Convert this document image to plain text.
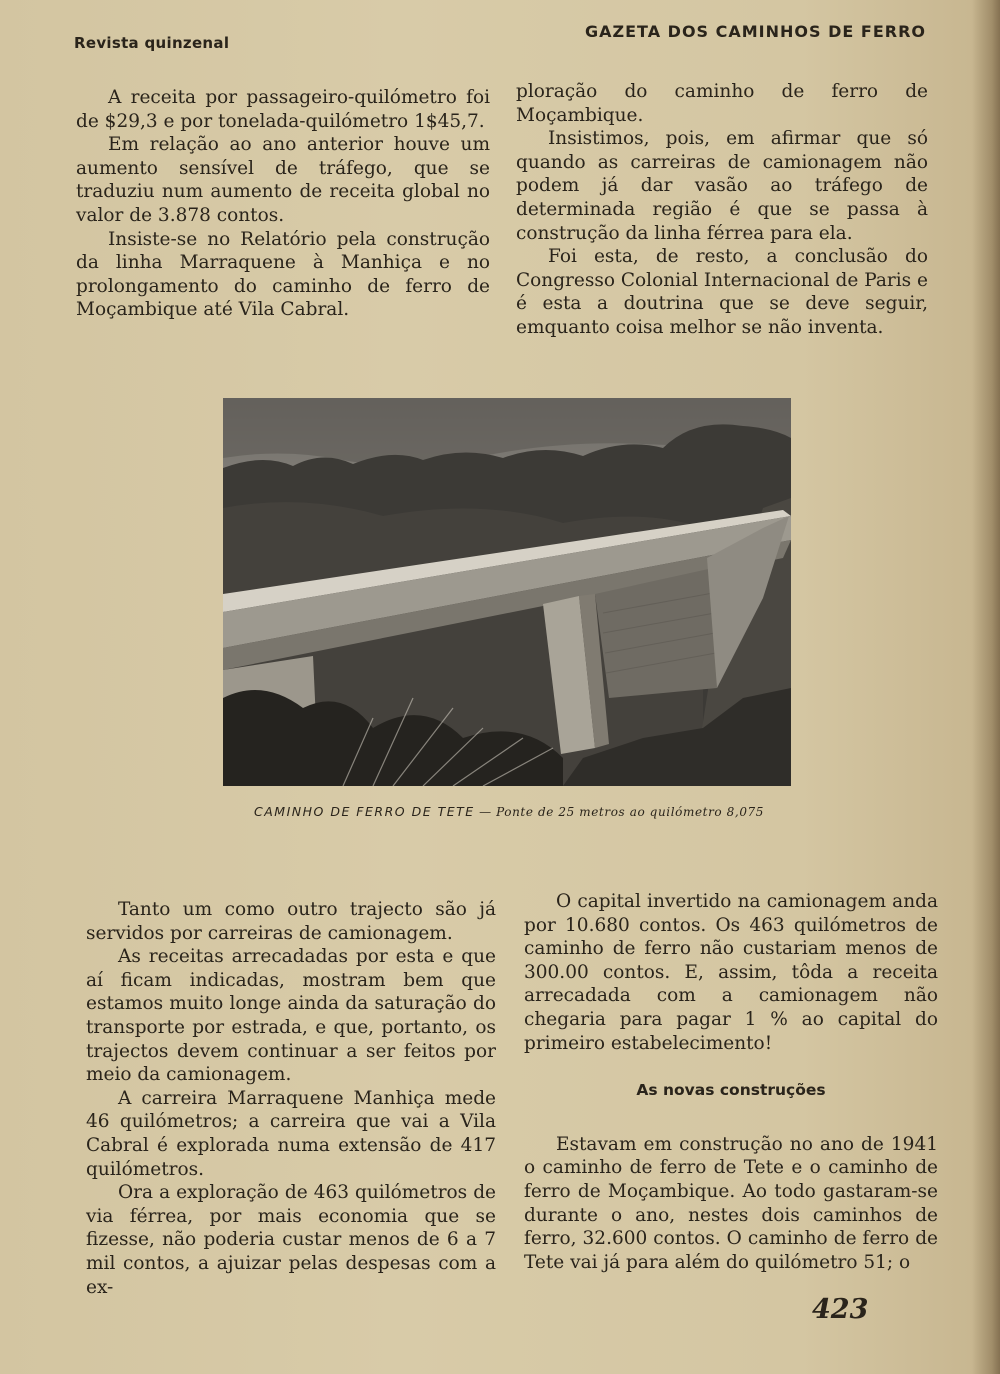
Revista quinzenal
GAZETA DOS CAMINHOS DE FERRO

A receita por passageiro-quilómetro foi de $29,3 e por tonelada-quilómetro 1$45,7.

Em relação ao ano anterior houve um aumento sensível de tráfego, que se traduziu num aumento de receita global no valor de 3.878 contos.

Insiste-se no Relatório pela construção da linha Marraquene à Manhiça e no prolongamento do caminho de ferro de Moçambique até Vila Cabral.

ploração do caminho de ferro de Moçambique.

Insistimos, pois, em afirmar que só quando as carreiras de camionagem não podem já dar vasão ao tráfego de determinada região é que se passa à construção da linha férrea para ela.

Foi esta, de resto, a conclusão do Congresso Colonial Internacional de Paris e é esta a doutrina que se deve seguir, emquanto coisa melhor se não inventa.

CAMINHO DE FERRO DE TETE — Ponte de 25 metros ao quilómetro 8,075

Tanto um como outro trajecto são já servidos por carreiras de camionagem.

As receitas arrecadadas por esta e que aí ficam indicadas, mostram bem que estamos muito longe ainda da saturação do transporte por estrada, e que, portanto, os trajectos devem continuar a ser feitos por meio da camionagem.

A carreira Marraquene Manhiça mede 46 quilómetros; a carreira que vai a Vila Cabral é explorada numa extensão de 417 quilómetros.

Ora a exploração de 463 quilómetros de via férrea, por mais economia que se fizesse, não poderia custar menos de 6 a 7 mil contos, a ajuizar pelas despesas com a ex-

O capital invertido na camionagem anda por 10.680 contos. Os 463 quilómetros de caminho de ferro não custariam menos de 300.00 contos. E, assim, tôda a receita arrecadada com a camionagem não chegaria para pagar 1 % ao capital do primeiro estabelecimento!

As novas construções

Estavam em construção no ano de 1941 o caminho de ferro de Tete e o caminho de ferro de Moçambique. Ao todo gastaram-se durante o ano, nestes dois caminhos de ferro, 32.600 contos. O caminho de ferro de Tete vai já para além do quilómetro 51; o

423
